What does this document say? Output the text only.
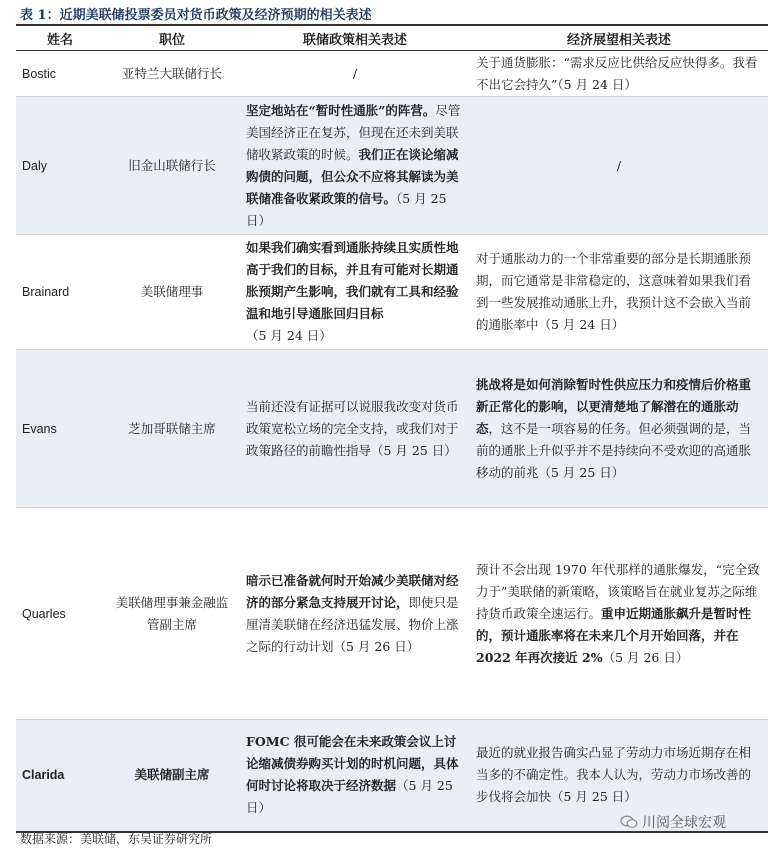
表 1：近期美联储投票委员对货币政策及经济预期的相关表述
姓名	职位	联储政策相关表述	经济展望相关表述
Bostic	亚特兰大联储行长	/	关于通货膨胀：“需求反应比供给反应快得多。我看不出它会持久”（5 月 24 日）
Daly	旧金山联储行长	坚定地站在“暂时性通胀”的阵营。尽管美国经济正在复苏，但现在还未到美联储收紧政策的时候。我们正在谈论缩减购债的问题，但公众不应将其解读为美联储准备收紧政策的信号。（5 月 25 日）	/
Brainard	美联储理事	如果我们确实看到通胀持续且实质性地高于我们的目标，并且有可能对长期通胀预期产生影响，我们就有工具和经验温和地引导通胀回归目标（5 月 24 日）	对于通胀动力的一个非常重要的部分是长期通胀预期，而它通常是非常稳定的，这意味着如果我们看到一些发展推动通胀上升，我预计这不会嵌入当前的通胀率中（5 月 24 日）
Evans	芝加哥联储主席	当前还没有证据可以说服我改变对货币政策宽松立场的完全支持，或我们对于政策路径的前瞻性指导（5 月 25 日）	挑战将是如何消除暂时性供应压力和疫情后价格重新正常化的影响，以更清楚地了解潜在的通胀动态，这不是一项容易的任务。但必须强调的是，当前的通胀上升似乎并不是持续向不受欢迎的高通胀移动的前兆（5 月 25 日）
Quarles	美联储理事兼金融监管副主席	暗示已准备就何时开始减少美联储对经济的部分紧急支持展开讨论，即使只是厘清美联储在经济迅猛发展、物价上涨之际的行动计划（5 月 26 日）	预计不会出现 1970 年代那样的通胀爆发，“完全致力于”美联储的新策略，该策略旨在就业复苏之际维持货币政策全速运行。重申近期通胀飙升是暂时性的，预计通胀率将在未来几个月开始回落，并在 2022 年再次接近 2%（5 月 26 日）
Clarida	美联储副主席	FOMC 很可能会在未来政策会议上讨论缩减债券购买计划的时机问题，具体何时讨论将取决于经济数据（5 月 25 日）	最近的就业报告确实凸显了劳动力市场近期存在相当多的不确定性。我本人认为，劳动力市场改善的步伐将会加快（5 月 25 日）
数据来源：美联储，东吴证券研究所
川阅全球宏观
